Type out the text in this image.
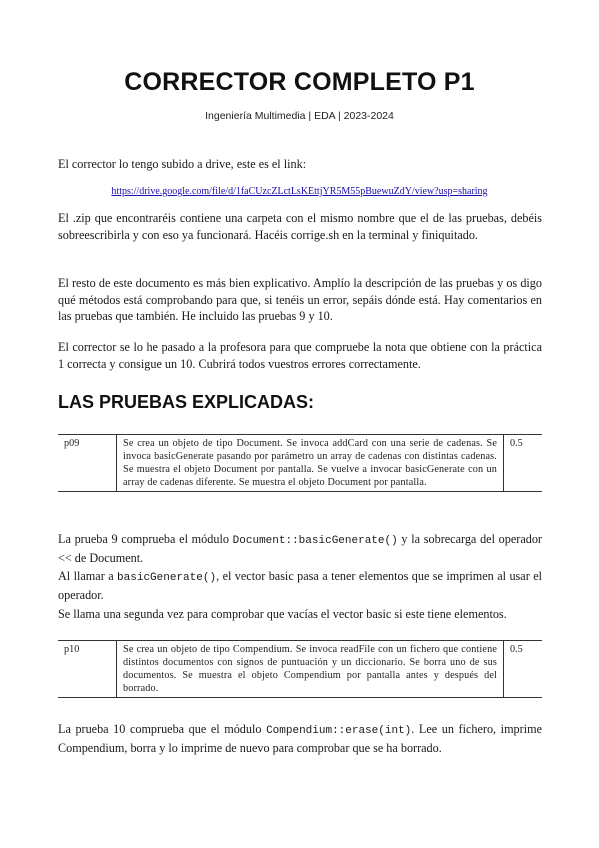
CORRECTOR COMPLETO P1
Ingeniería Multimedia | EDA | 2023-2024

El corrector lo tengo subido a drive, este es el link:

https://drive.google.com/file/d/1faCUzcZLctLsKEttjYR5M55pBuewuZdY/view?usp=sharing

El .zip que encontraréis contiene una carpeta con el mismo nombre que el de las pruebas, debéis sobreescribirla y con eso ya funcionará. Hacéis corrige.sh en la terminal y finiquitado.

El resto de este documento es más bien explicativo. Amplío la descripción de las pruebas y os digo qué métodos está comprobando para que, si tenéis un error, sepáis dónde está. Hay comentarios en las pruebas que también. He incluido las pruebas 9 y 10.

El corrector se lo he pasado a la profesora para que compruebe la nota que obtiene con la práctica 1 correcta y consigue un 10. Cubrirá todos vuestros errores correctamente.

LAS PRUEBAS EXPLICADAS:
p09	Se crea un objeto de tipo Document. Se invoca addCard con una serie de cadenas. Se invoca basicGenerate pasando por parámetro un array de cadenas con distintas cadenas. Se muestra el objeto Document por pantalla. Se vuelve a invocar basicGenerate con un array de cadenas diferente. Se muestra el objeto Document por pantalla.	0.5

La prueba 9 comprueba el módulo Document::basicGenerate() y la sobrecarga del operador << de Document.

Al llamar a basicGenerate(), el vector basic pasa a tener elementos que se imprimen al usar el operador.

Se llama una segunda vez para comprobar que vacías el vector basic si este tiene elementos.

p10	Se crea un objeto de tipo Compendium. Se invoca readFile con un fichero que contiene distintos documentos con signos de puntuación y un diccionario. Se borra uno de sus documentos. Se muestra el objeto Compendium por pantalla antes y después del borrado.	0.5

La prueba 10 comprueba que el módulo Compendium::erase(int). Lee un fichero, imprime Compendium, borra y lo imprime de nuevo para comprobar que se ha borrado.
